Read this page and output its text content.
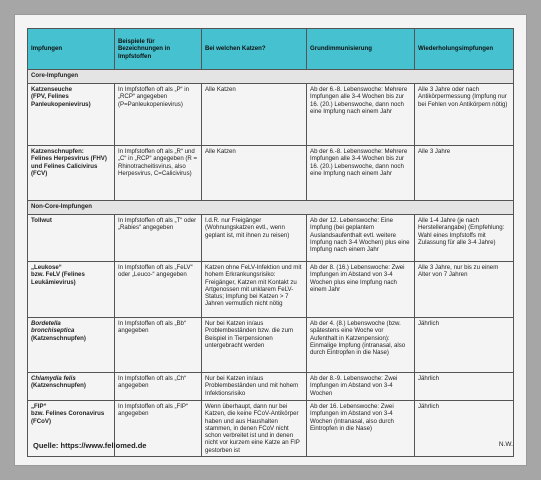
Impfungen	Beispiele für Bezeichnungen in Impfstoffen	Bei welchen Katzen?	Grundimmunisierung	Wiederholungsimpfungen
Core-Impfungen				
Katzenseuche
(FPV, Felines
Panleukopenievirus)	In Impfstoffen oft als „P“ in „RCP“ angegeben (P=Panleukopenievirus)	Alle Katzen	Ab der 6.-8. Lebenswoche: Mehrere Impfungen alle 3-4 Wochen bis zur 16. (20.) Lebenswoche, dann noch eine Impfung nach einem Jahr	Alle 3 Jahre oder nach Antikörpermessung (Impfung nur bei Fehlen von Antikörpern nötig)
Katzenschnupfen:
Felines Herpesvirus (FHV)
und Felines Calicivirus
(FCV)	In Impfstoffen oft als „R“ und „C“ in „RCP“ angegeben (R = Rhinotracheitisvirus, also Herpesvirus, C=Calicivirus)	Alle Katzen	Ab der 6.-8. Lebenswoche: Mehrere Impfungen alle 3-4 Wochen bis zur 16. (20.) Lebenswoche, dann noch eine Impfung nach einem Jahr	Alle 3 Jahre
Non-Core-Impfungen				
Tollwut	In Impfstoffen oft als „T“ oder „Rabies“ angegeben	I.d.R. nur Freigänger (Wohnungskatzen evtl., wenn geplant ist, mit ihnen zu reisen)	Ab der 12. Lebenswoche: Eine Impfung (bei geplantem Auslandsaufenthalt evtl. weitere Impfung nach 3-4 Wochen) plus eine Impfung nach einem Jahr	Alle 1-4 Jahre (je nach Herstellerangabe) (Empfehlung: Wahl eines Impfstoffs mit Zulassung für alle 3-4 Jahre)
„Leukose“
bzw. FeLV (Felines
Leukämievirus)	In Impfstoffen oft als „FeLV“ oder „Leuco-“ angegeben	Katzen ohne FeLV-Infektion und mit hohem Erkrankungsrisiko: Freigänger, Katzen mit Kontakt zu Artgenossen mit unklarem FeLV-Status; Impfung bei Katzen > 7 Jahren vermutlich nicht nötig	Ab der 8. (16.) Lebenswoche: Zwei Impfungen im Abstand von 3-4 Wochen plus eine Impfung nach einem Jahr	Alle 3 Jahre, nur bis zu einem Alter von 7 Jahren
Bordetella
bronchiseptica
(Katzenschnupfen)	In Impfstoffen oft als „Bb“ angegeben	Nur bei Katzen in/aus Problembeständen bzw. die zum Beispiel in Tierpensionen untergebracht werden	Ab der 4. (8.) Lebenswoche (bzw. spätestens eine Woche vor Aufenthalt in Katzenpension): Einmalige Impfung (intranasal, also durch Eintropfen in die Nase)	Jährlich
Chlamydia felis
(Katzenschnupfen)	In Impfstoffen oft als „Ch“ angegeben	Nur bei Katzen in/aus Problembeständen und mit hohem Infektionsrisiko	Ab der 8.-9. Lebenswoche: Zwei Impfungen im Abstand von 3-4 Wochen	Jährlich
„FIP“
bzw. Felines Coronavirus
(FCoV)	In Impfstoffen oft als „FIP“ angegeben	Wenn überhaupt, dann nur bei Katzen, die keine FCoV-Antikörper haben und aus Haushalten stammen, in denen FCoV nicht schon verbreitet ist und in denen nicht vor kurzem eine Katze an FIP gestorben ist	Ab der 16. Lebenswoche: Zwei Impfungen im Abstand von 3-4 Wochen (intranasal, also durch Eintropfen in die Nase)	Jährlich
Quelle: https://www.fellomed.de	N.W.
